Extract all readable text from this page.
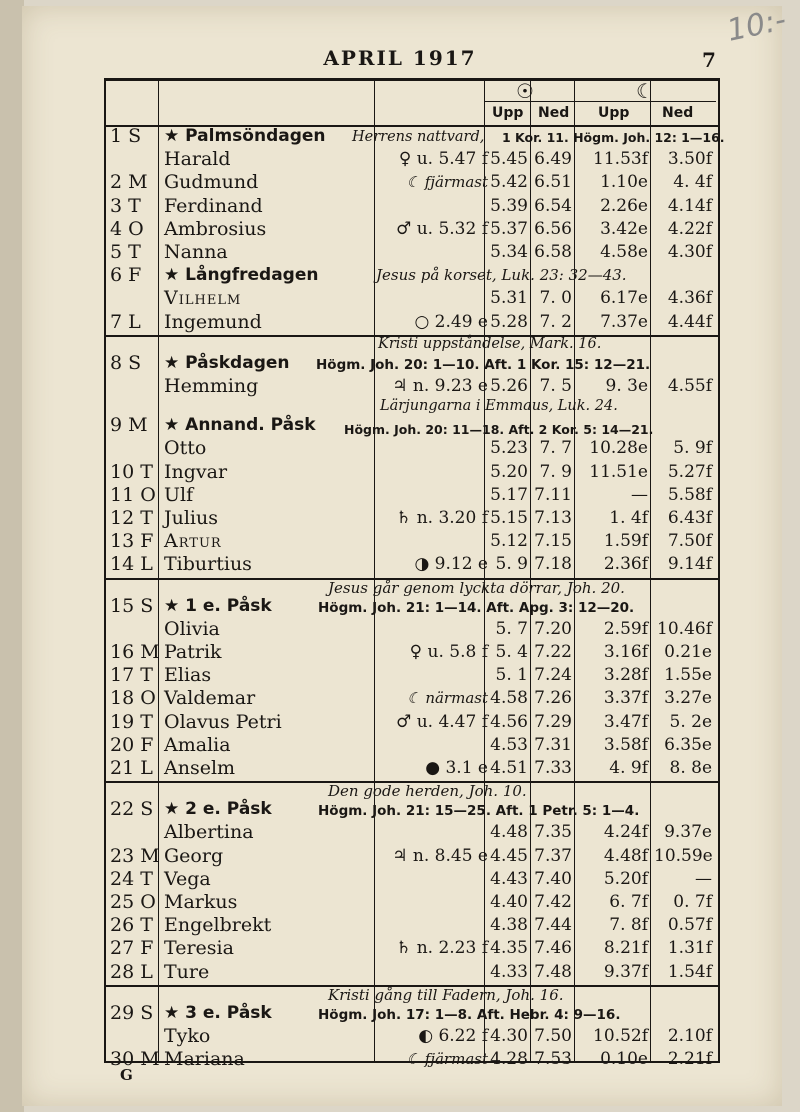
10:-
APRIL 1917	7
G
☉	☾
Upp Ned Upp Ned
1 S	★ Palmsöndagen Herrens nattvard, 1 Kor. 11. Högm. Joh. 12: 1—16.
Harald	♀ u. 5.47 f 5.45 6.49	11.53f	3.50f
2 M Gudmund	☾ fjärmast 5.42 6.51	1.10e	4. 4f
3 T	Ferdinand	5.39 6.54	2.26e	4.14f
4 O	Ambrosius	♂ u. 5.32 f 5.37 6.56	3.42e	4.22f
5 T	Nanna	5.34 6.58	4.58e	4.30f
6 F	★ Långfredagen	Jesus på korset, Luk. 23: 32—43.
Vilhelm	5.31 7. 0	6.17e	4.36f
7 L	Ingemund	○ 2.49 e 5.28 7. 2	7.37e	4.44f
Kristi uppståndelse, Mark. 16.
8 S	★ Påskdagen Högm. Joh. 20: 1—10. Aft. 1 Kor. 15: 12—21.
Hemming	♃ n. 9.23 e 5.26 7. 5	9. 3e	4.55f
Lärjungarna i Emmaus, Luk. 24.
9 M ★ Annand. Påsk Högm. Joh. 20: 11—18. Aft. 2 Kor. 5: 14—21.
Otto	5.23 7. 7	10.28e	5. 9f
10 T Ingvar	5.20 7. 9	11.51e	5.27f
11 O Ulf	5.17 7.11	—	5.58f
12 T Julius	♄ n. 3.20 f 5.15 7.13	1. 4f	6.43f
13 F Artur	5.12 7.15	1.59f	7.50f
14 L Tiburtius	◑ 9.12 e 5. 9 7.18	2.36f	9.14f
Jesus går genom lyckta dörrar, Joh. 20.
15 S ★ 1 e. Påsk	Högm. Joh. 21: 1—14. Aft. Apg. 3: 12—20.
Olivia	5. 7 7.20	2.59f 10.46f
16 M Patrik	♀ u. 5.8 f 5. 4 7.22	3.16f 0.21e
17 T Elias	5. 1 7.24	3.28f 1.55e
18 O Valdemar	☾ närmast 4.58 7.26	3.37f 3.27e
19 T Olavus Petri	♂ u. 4.47 f 4.56 7.29	3.47f	5. 2e
20 F Amalia	4.53 7.31	3.58f 6.35e
21 L Anselm	● 3.1 e 4.51 7.33	4. 9f	8. 8e
Den gode herden, Joh. 10.
22 S ★ 2 e. Påsk	Högm. Joh. 21: 15—25. Aft. 1 Petr. 5: 1—4.
Albertina	4.48 7.35	4.24f 9.37e
23 M Georg	♃ n. 8.45 e 4.45 7.37	4.48f 10.59e
24 T Vega	4.43 7.40	5.20f	—
25 O Markus	4.40 7.42	6. 7f	0. 7f
26 T Engelbrekt	4.38 7.44	7. 8f	0.57f
27 F Teresia	♄ n. 2.23 f 4.35 7.46	8.21f	1.31f
28 L Ture	4.33 7.48	9.37f	1.54f
Kristi gång till Fadern, Joh. 16.
29 S ★ 3 e. Påsk	Högm. Joh. 17: 1—8. Aft. Hebr. 4: 9—16.
Tyko	◐ 6.22 f 4.30 7.50	10.52f	2.10f
30 M Mariana	☾ fjärmast 4.28 7.53	0.10e	2.21f
